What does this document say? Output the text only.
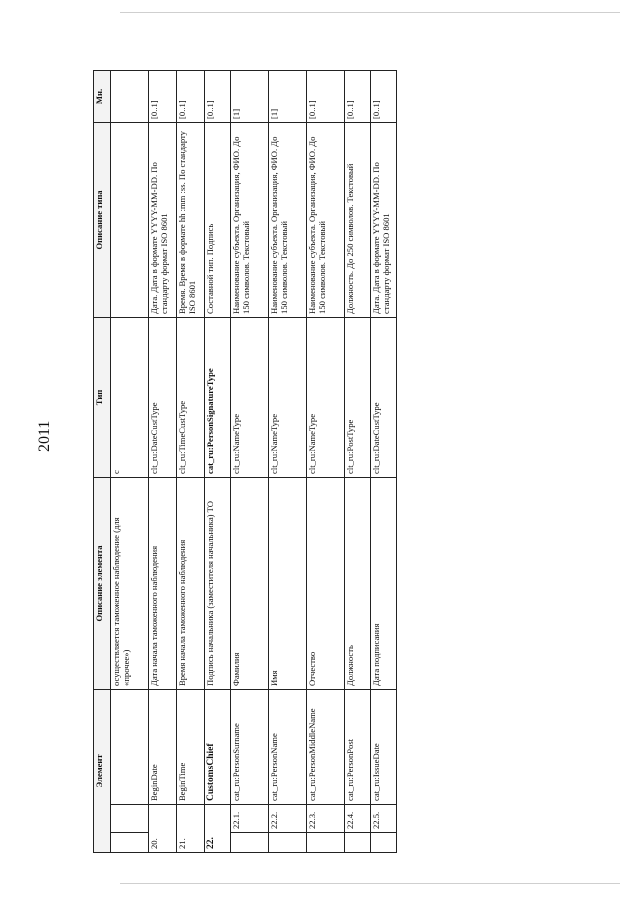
2011
Элемент			Описание элемента	Тип	Описание типа	Мн.
			осуществляется таможенное наблюдение (для «прочее»)	c		
20.		BeginDate	Дата начала таможенного наблюдения	clt_ru:DateCustType	Дата. Дата в формате YYYY-MM-DD. По стандарту формат ISO 8601	[0..1]
21.		BeginTime	Время начала таможенного наблюдения	clt_ru:TimeCustType	Время. Время в формате hh :mm :ss. По стандарту ISO 8601	[0..1]
22.		CustomsChief	Подпись начальника (заместителя начальника) ТО	cat_ru:PersonSignatureType	Составной тип. Подпись	[0..1]
	22.1.	cat_ru:PersonSurname	Фамилия	clt_ru:NameType	Наименование субъекта. Организация, ФИО. До 150 символов. Текстовый	[1]
	22.2.	cat_ru:PersonName	Имя	clt_ru:NameType	Наименование субъекта. Организация, ФИО. До 150 символов. Текстовый	[1]
	22.3.	cat_ru:PersonMiddleName	Отчество	clt_ru:NameType	Наименование субъекта. Организация, ФИО. До 150 символов. Текстовый	[0..1]
	22.4.	cat_ru:PersonPost	Должность	clt_ru:PostType	Должность. До 250 символов. Текстовый	[0..1]
	22.5.	cat_ru:IssueDate	Дата подписания	clt_ru:DateCustType	Дата. Дата в формате YYYY-MM-DD. По стандарту формат ISO 8601	[0..1]
